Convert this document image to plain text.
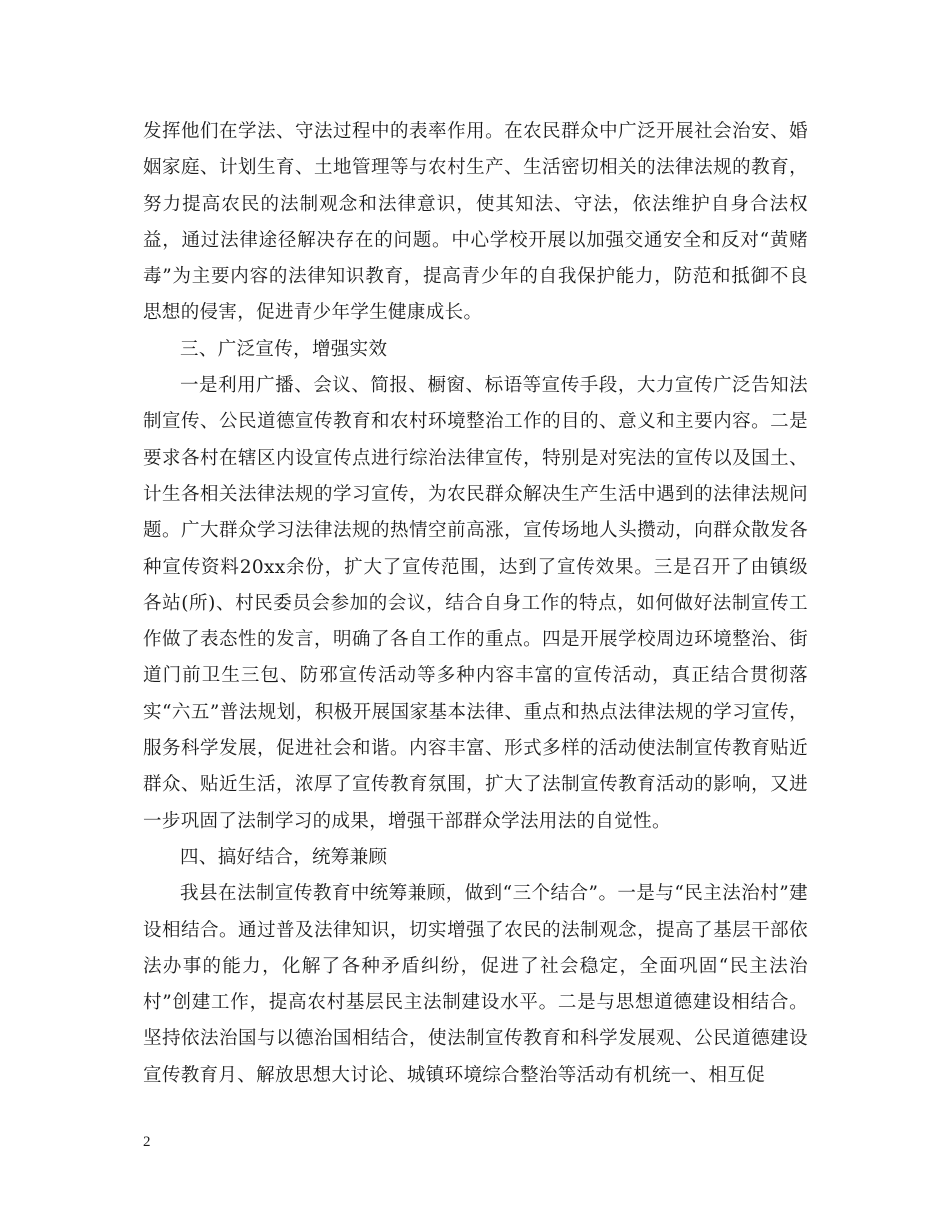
发挥他们在学法、守法过程中的表率作用。在农民群众中广泛开展社会治安、婚姻家庭、计划生育、土地管理等与农村生产、生活密切相关的法律法规的教育，努力提高农民的法制观念和法律意识，使其知法、守法，依法维护自身合法权益，通过法律途径解决存在的问题。中心学校开展以加强交通安全和反对“黄赌毒”为主要内容的法律知识教育，提高青少年的自我保护能力，防范和抵御不良思想的侵害，促进青少年学生健康成长。

三、广泛宣传，增强实效

一是利用广播、会议、简报、橱窗、标语等宣传手段，大力宣传广泛告知法制宣传、公民道德宣传教育和农村环境整治工作的目的、意义和主要内容。二是要求各村在辖区内设宣传点进行综治法律宣传，特别是对宪法的宣传以及国土、计生各相关法律法规的学习宣传，为农民群众解决生产生活中遇到的法律法规问题。广大群众学习法律法规的热情空前高涨，宣传场地人头攒动，向群众散发各种宣传资料20xx余份，扩大了宣传范围，达到了宣传效果。三是召开了由镇级各站(所)、村民委员会参加的会议，结合自身工作的特点，如何做好法制宣传工作做了表态性的发言，明确了各自工作的重点。四是开展学校周边环境整治、街道门前卫生三包、防邪宣传活动等多种内容丰富的宣传活动，真正结合贯彻落实“六五”普法规划，积极开展国家基本法律、重点和热点法律法规的学习宣传，服务科学发展，促进社会和谐。内容丰富、形式多样的活动使法制宣传教育贴近群众、贴近生活，浓厚了宣传教育氛围，扩大了法制宣传教育活动的影响，又进一步巩固了法制学习的成果，增强干部群众学法用法的自觉性。

四、搞好结合，统筹兼顾

我县在法制宣传教育中统筹兼顾，做到“三个结合”。一是与“民主法治村”建设相结合。通过普及法律知识，切实增强了农民的法制观念，提高了基层干部依法办事的能力，化解了各种矛盾纠纷，促进了社会稳定，全面巩固“民主法治村”创建工作，提高农村基层民主法制建设水平。二是与思想道德建设相结合。坚持依法治国与以德治国相结合，使法制宣传教育和科学发展观、公民道德建设宣传教育月、解放思想大讨论、城镇环境综合整治等活动有机统一、相互促

2
